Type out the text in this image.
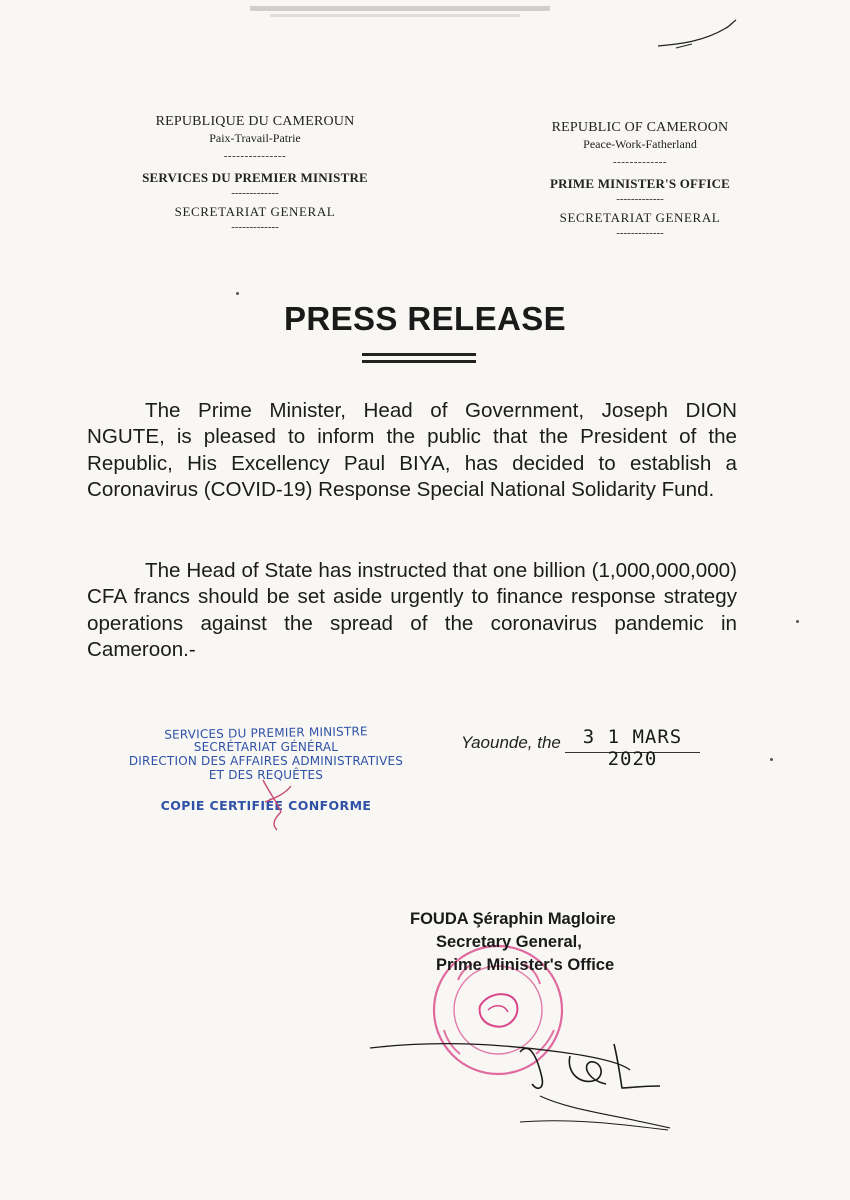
REPUBLIQUE DU CAMEROUN
Paix-Travail-Patrie
---------------
SERVICES DU PREMIER MINISTRE
-------------
SECRETARIAT GENERAL
-------------
REPUBLIC OF CAMEROON
Peace-Work-Fatherland
-------------
PRIME MINISTER'S OFFICE
-------------
SECRETARIAT GENERAL
-------------
PRESS RELEASE

The Prime Minister, Head of Government, Joseph DION NGUTE, is pleased to inform the public that the President of the Republic, His Excellency Paul BIYA, has decided to establish a Coronavirus (COVID-19) Response Special National Solidarity Fund.

The Head of State has instructed that one billion (1,000,000,000) CFA francs should be set aside urgently to finance response strategy operations against the spread of the coronavirus pandemic in Cameroon.-

SERVICES DU PREMIER MINISTRE
SECRÉTARIAT GÉNÉRAL
DIRECTION DES AFFAIRES ADMINISTRATIVES
ET DES REQUÊTES
COPIE CERTIFIÉE CONFORME
Yaounde, the	3 1 MARS 2020
FOUDA Şéraphin Magloire
Secretary General,
Prime Minister's Office
